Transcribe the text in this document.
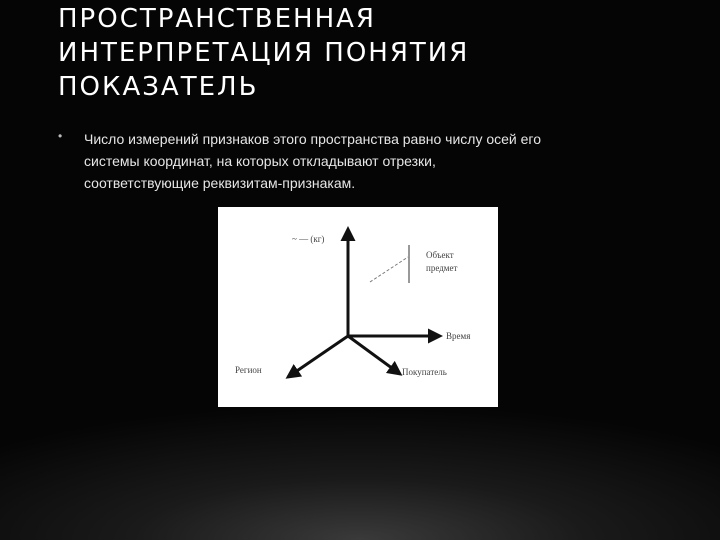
ПРОСТРАНСТВЕННАЯ
ИНТЕРПРЕТАЦИЯ ПОНЯТИЯ
ПОКАЗАТЕЛЬ
• Число измерений признаков этого пространства равно числу осей его
системы координат, на которых откладывают отрезки,
соответствующие реквизитам-признакам.
~ — (кг)
Объект
предмет
Время
Регион	Покупатель
